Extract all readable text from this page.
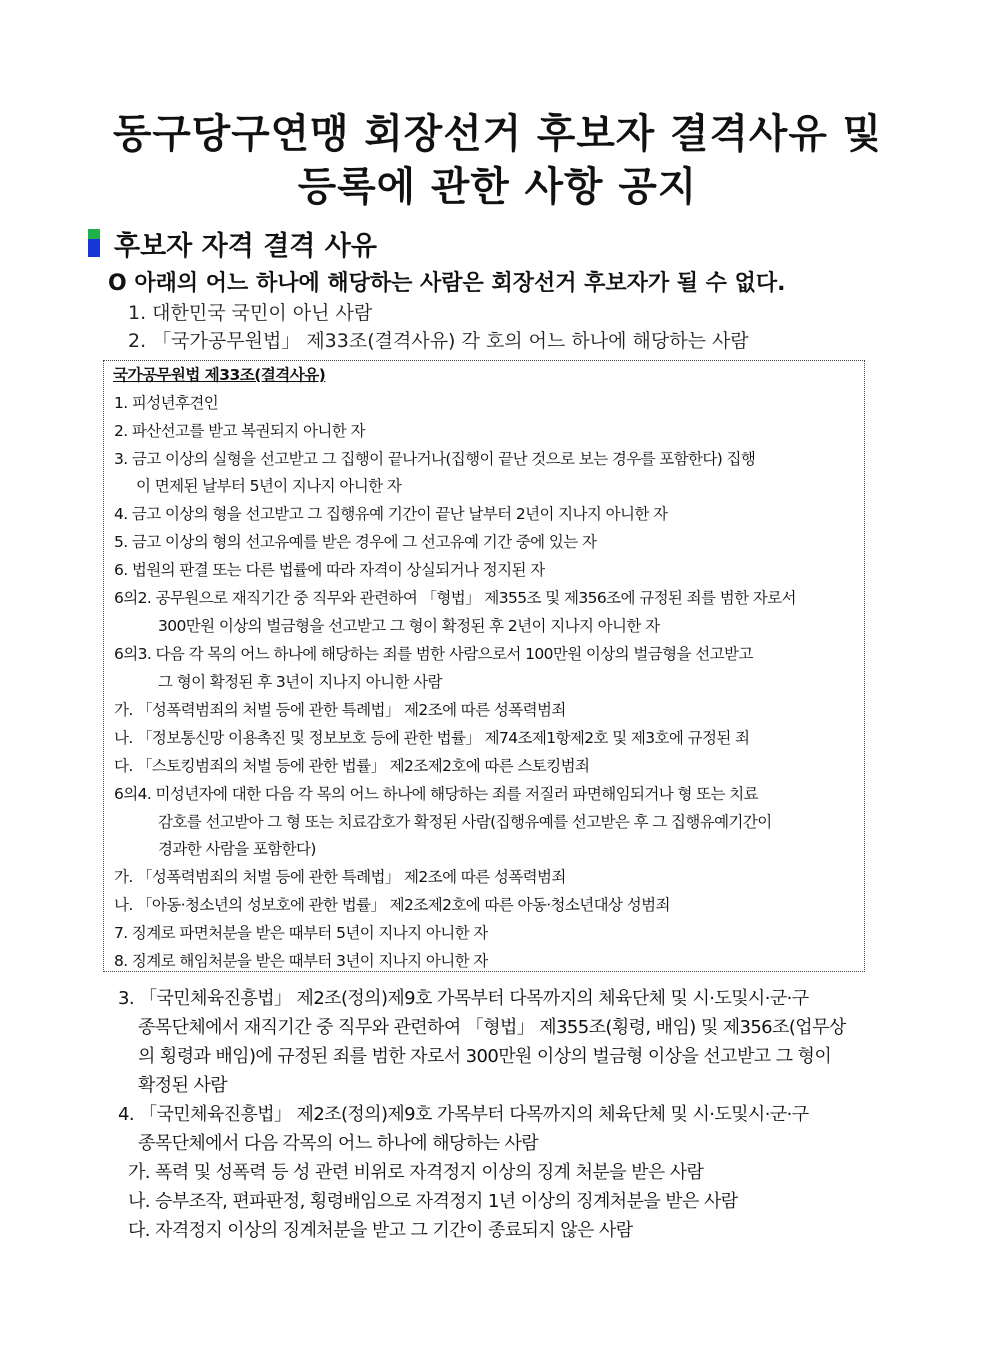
동구당구연맹 회장선거 후보자 결격사유 및
등록에 관한 사항 공지
후보자 자격 결격 사유
O 아래의 어느 하나에 해당하는 사람은 회장선거 후보자가 될 수 없다.
1. 대한민국 국민이 아닌 사람
2. 「국가공무원법」 제33조(결격사유) 각 호의 어느 하나에 해당하는 사람
국가공무원법 제33조(결격사유)
1. 피성년후견인
2. 파산선고를 받고 복권되지 아니한 자
3. 금고 이상의 실형을 선고받고 그 집행이 끝나거나(집행이 끝난 것으로 보는 경우를 포함한다) 집행
이 면제된 날부터 5년이 지나지 아니한 자
4. 금고 이상의 형을 선고받고 그 집행유예 기간이 끝난 날부터 2년이 지나지 아니한 자
5. 금고 이상의 형의 선고유예를 받은 경우에 그 선고유예 기간 중에 있는 자
6. 법원의 판결 또는 다른 법률에 따라 자격이 상실되거나 정지된 자
6의2. 공무원으로 재직기간 중 직무와 관련하여 「형법」 제355조 및 제356조에 규정된 죄를 범한 자로서
300만원 이상의 벌금형을 선고받고 그 형이 확정된 후 2년이 지나지 아니한 자
6의3. 다음 각 목의 어느 하나에 해당하는 죄를 범한 사람으로서 100만원 이상의 벌금형을 선고받고
그 형이 확정된 후 3년이 지나지 아니한 사람
가. 「성폭력범죄의 처벌 등에 관한 특례법」 제2조에 따른 성폭력범죄
나. 「정보통신망 이용촉진 및 정보보호 등에 관한 법률」 제74조제1항제2호 및 제3호에 규정된 죄
다. 「스토킹범죄의 처벌 등에 관한 법률」 제2조제2호에 따른 스토킹범죄
6의4. 미성년자에 대한 다음 각 목의 어느 하나에 해당하는 죄를 저질러 파면해임되거나 형 또는 치료
감호를 선고받아 그 형 또는 치료감호가 확정된 사람(집행유예를 선고받은 후 그 집행유예기간이
경과한 사람을 포함한다)
가. 「성폭력범죄의 처벌 등에 관한 특례법」 제2조에 따른 성폭력범죄
나. 「아동·청소년의 성보호에 관한 법률」 제2조제2호에 따른 아동·청소년대상 성범죄
7. 징계로 파면처분을 받은 때부터 5년이 지나지 아니한 자
8. 징계로 해임처분을 받은 때부터 3년이 지나지 아니한 자
3. 「국민체육진흥법」 제2조(정의)제9호 가목부터 다목까지의 체육단체 및 시·도및시·군·구
종목단체에서 재직기간 중 직무와 관련하여 「형법」 제355조(횡령, 배임) 및 제356조(업무상
의 횡령과 배임)에 규정된 죄를 범한 자로서 300만원 이상의 벌금형 이상을 선고받고 그 형이
확정된 사람
4. 「국민체육진흥법」 제2조(정의)제9호 가목부터 다목까지의 체육단체 및 시·도및시·군·구
종목단체에서 다음 각목의 어느 하나에 해당하는 사람
가. 폭력 및 성폭력 등 성 관련 비위로 자격정지 이상의 징계 처분을 받은 사람
나. 승부조작, 편파판정, 횡령배임으로 자격정지 1년 이상의 징계처분을 받은 사람
다. 자격정지 이상의 징계처분을 받고 그 기간이 종료되지 않은 사람
